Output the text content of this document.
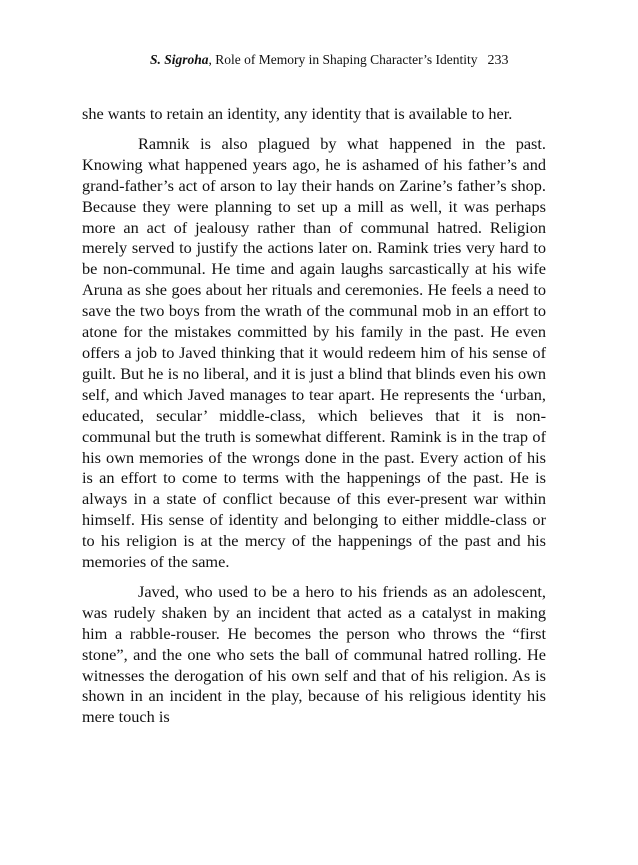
S. Sigroha, Role of Memory in Shaping Character’s Identity 233

she wants to retain an identity, any identity that is available to her.

Ramnik is also plagued by what happened in the past. Knowing what happened years ago, he is ashamed of his father’s and grand-father’s act of arson to lay their hands on Zarine’s father’s shop. Because they were planning to set up a mill as well, it was perhaps more an act of jealousy rather than of communal hatred. Religion merely served to justify the actions later on. Ramink tries very hard to be non-communal. He time and again laughs sarcastically at his wife Aruna as she goes about her rituals and ceremonies. He feels a need to save the two boys from the wrath of the communal mob in an effort to atone for the mistakes committed by his family in the past. He even offers a job to Javed thinking that it would redeem him of his sense of guilt. But he is no liberal, and it is just a blind that blinds even his own self, and which Javed manages to tear apart. He represents the ‘urban, educated, secular’ middle-class, which believes that it is non-communal but the truth is somewhat different. Ramink is in the trap of his own memories of the wrongs done in the past. Every action of his is an effort to come to terms with the happenings of the past. He is always in a state of conflict because of this ever-present war within himself. His sense of identity and belonging to either middle-class or to his religion is at the mercy of the happenings of the past and his memories of the same.

Javed, who used to be a hero to his friends as an adolescent, was rudely shaken by an incident that acted as a catalyst in making him a rabble-rouser. He becomes the person who throws the “first stone”, and the one who sets the ball of communal hatred rolling. He witnesses the derogation of his own self and that of his religion. As is shown in an incident in the play, because of his religious identity his mere touch is
